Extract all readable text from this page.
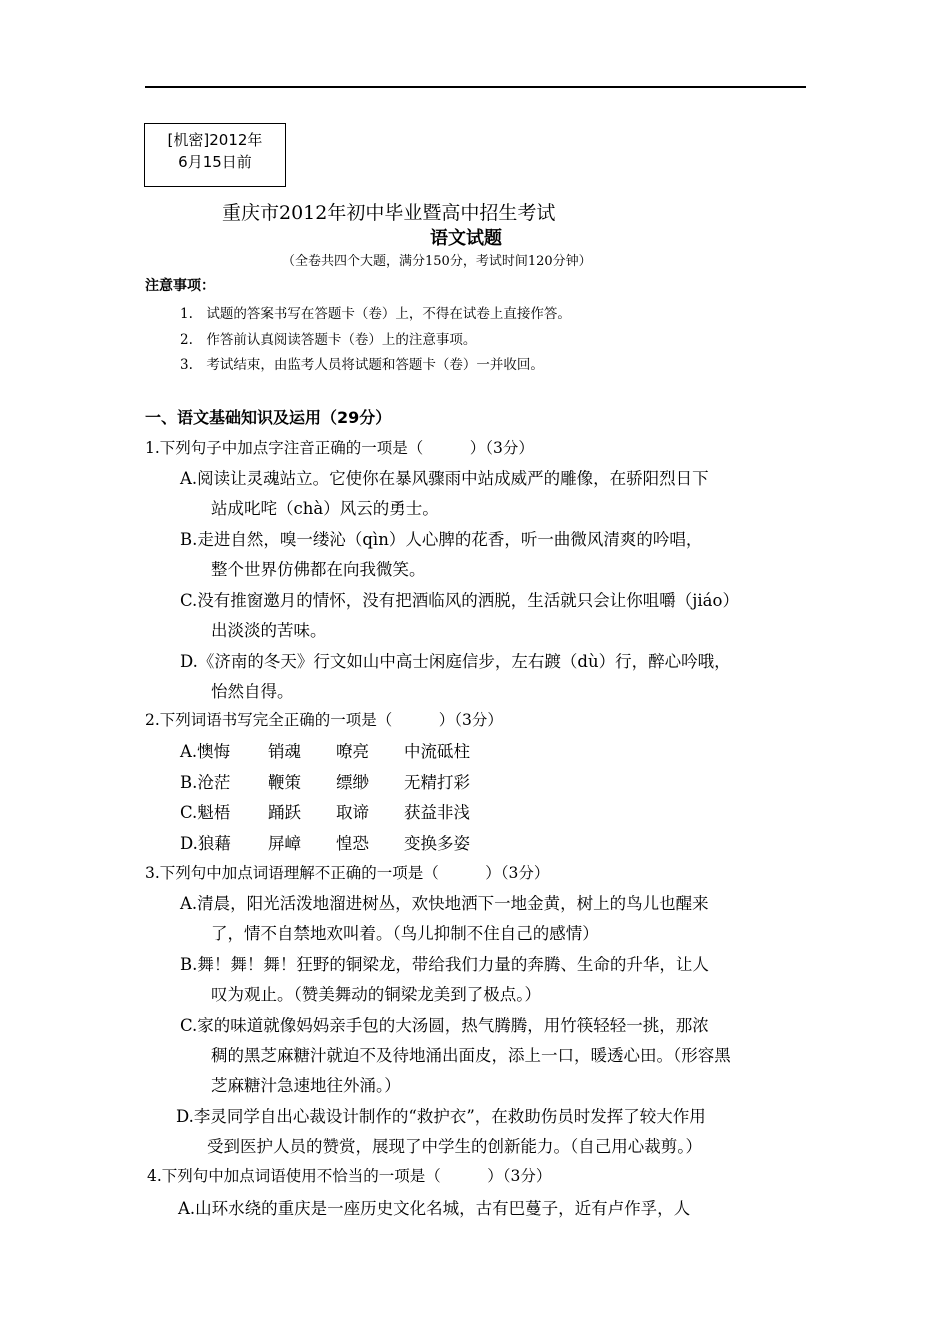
[机密]2012年
6月15日前
重庆市2012年初中毕业暨高中招生考试
语文试题
（全卷共四个大题，满分150分，考试时间120分钟）
注意事项：
1.　试题的答案书写在答题卡（卷）上，不得在试卷上直接作答。
2.　作答前认真阅读答题卡（卷）上的注意事项。
3.　考试结束，由监考人员将试题和答题卡（卷）一并收回。
一、语文基础知识及运用（29分）
1.下列句子中加点字注音正确的一项是（　　　）（3分）
A.阅读让灵魂站立。它使你在暴风骤雨中站成威严的雕像，在骄阳烈日下
站成叱咤（chà）风云的勇士。
B.走进自然，嗅一缕沁（qìn）人心脾的花香，听一曲微风清爽的吟唱，
整个世界仿佛都在向我微笑。
C.没有推窗邀月的情怀，没有把酒临风的洒脱，生活就只会让你咀嚼（jiáo）
出淡淡的苦味。
D.《济南的冬天》行文如山中高士闲庭信步，左右踱（dù）行，醉心吟哦，
怡然自得。
2.下列词语书写完全正确的一项是（　　　）（3分）
A.懊悔 销魂 嘹亮 中流砥柱
B.沧茫 鞭策 缥缈 无精打彩
C.魁梧 踊跃 取谛 获益非浅
D.狼藉 屏嶂 惶恐 变换多姿
3.下列句中加点词语理解不正确的一项是（　　　）（3分）
A.清晨，阳光活泼地溜进树丛，欢快地洒下一地金黄，树上的鸟儿也醒来
了，情不自禁地欢叫着。（鸟儿抑制不住自己的感情）
B.舞！舞！舞！狂野的铜梁龙，带给我们力量的奔腾、生命的升华，让人
叹为观止。（赞美舞动的铜梁龙美到了极点。）
C.家的味道就像妈妈亲手包的大汤圆，热气腾腾，用竹筷轻轻一挑，那浓
稠的黑芝麻糖汁就迫不及待地涌出面皮，添上一口，暖透心田。（形容黑
芝麻糖汁急速地往外涌。）
D.李灵同学自出心裁设计制作的“救护衣”，在救助伤员时发挥了较大作用
受到医护人员的赞赏，展现了中学生的创新能力。（自己用心裁剪。）
4.下列句中加点词语使用不恰当的一项是（　　　）（3分）
A.山环水绕的重庆是一座历史文化名城，古有巴蔓子，近有卢作孚，人
